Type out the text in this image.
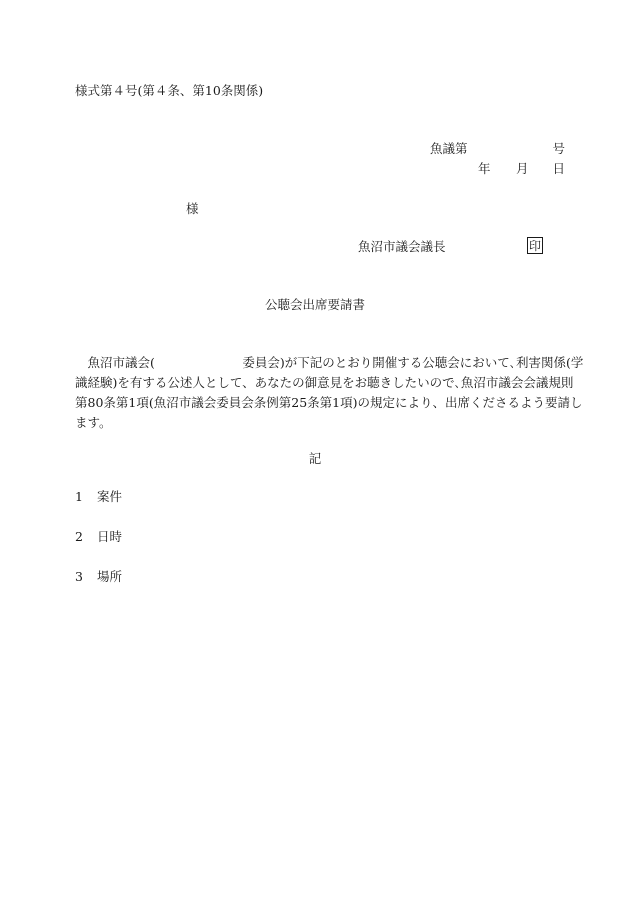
様式第４号(第４条、第10条関係)
魚議第	号
年 月 日
様
魚沼市議会議長	印
公聴会出席要請書
　魚沼市議会(　　　　　　　委員会)が下記のとおり開催する公聴会において､利害関係(学
識経験)を有する公述人として、あなたの御意見をお聴きしたいので､魚沼市議会会議規則
第80条第1項(魚沼市議会委員会条例第25条第1項)の規定により、出席くださるよう要請し
ます。
記
1 案件
2 日時
3 場所
